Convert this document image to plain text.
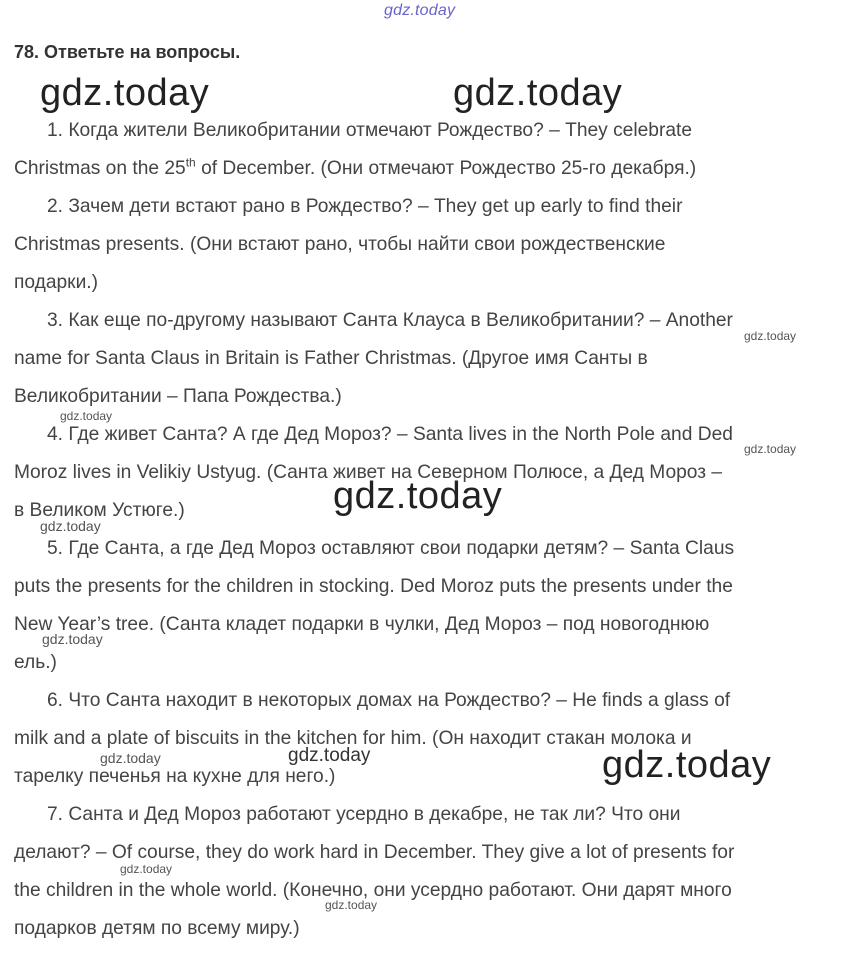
gdz.today
78. Ответьте на вопросы.
1. Когда жители Великобритании отмечают Рождество? – They celebrate
Christmas on the 25th of December. (Они отмечают Рождество 25-го декабря.)
2. Зачем дети встают рано в Рождество? – They get up early to find their
Christmas presents. (Они встают рано, чтобы найти свои рождественские
подарки.)
3. Как еще по-другому называют Санта Клауса в Великобритании? – Another
name for Santa Claus in Britain is Father Christmas. (Другое имя Санты в
Великобритании – Папа Рождества.)
4. Где живет Санта? А где Дед Мороз? – Santa lives in the North Pole and Ded
Moroz lives in Velikiy Ustyug. (Санта живет на Северном Полюсе, а Дед Мороз –
в Великом Устюге.)
5. Где Санта, а где Дед Мороз оставляют свои подарки детям? – Santa Claus
puts the presents for the children in stocking. Ded Moroz puts the presents under the
New Year’s tree. (Санта кладет подарки в чулки, Дед Мороз – под новогоднюю
ель.)
6. Что Санта находит в некоторых домах на Рождество? – He finds a glass of
milk and a plate of biscuits in the kitchen for him. (Он находит стакан молока и
тарелку печенья на кухне для него.)
7. Санта и Дед Мороз работают усердно в декабре, не так ли? Что они
делают? – Of course, they do work hard in December. They give a lot of presents for
the children in the whole world. (Конечно, они усердно работают. Они дарят много
подарков детям по всему миру.)
gdz.today	gdz.today
gdz.today
gdz.today
gdz.today
gdz.today
gdz.today
gdz.today
gdz.today
gdz.today
gdz.today
gdz.today
gdz.today
